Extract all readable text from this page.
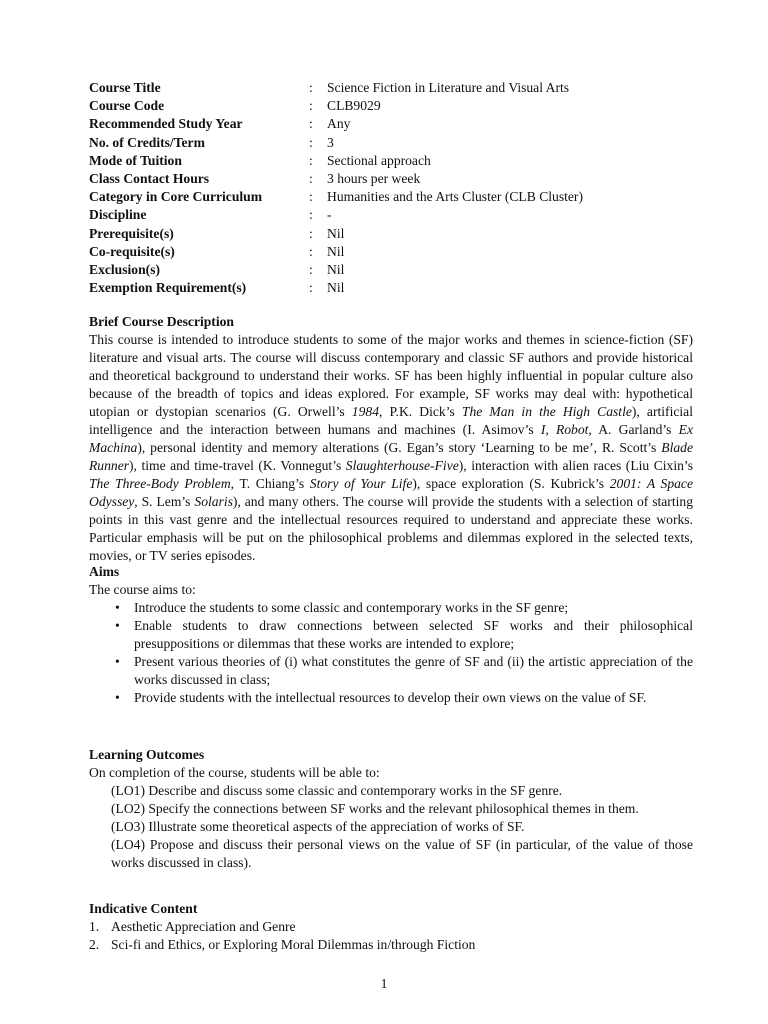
Course Title	:	Science Fiction in Literature and Visual Arts
Course Code	:	CLB9029
Recommended Study Year	:	Any
No. of Credits/Term	:	3
Mode of Tuition	:	Sectional approach
Class Contact Hours	:	3 hours per week
Category in Core Curriculum	:	Humanities and the Arts Cluster (CLB Cluster)
Discipline	:	-
Prerequisite(s)	:	Nil
Co-requisite(s)	:	Nil
Exclusion(s)	:	Nil
Exemption Requirement(s)	:	Nil
Brief Course Description

This course is intended to introduce students to some of the major works and themes in science-fiction (SF) literature and visual arts. The course will discuss contemporary and classic SF authors and provide historical and theoretical background to understand their works. SF has been highly influential in popular culture also because of the breadth of topics and ideas explored. For example, SF works may deal with: hypothetical utopian or dystopian scenarios (G. Orwell’s 1984, P.K. Dick’s The Man in the High Castle), artificial intelligence and the interaction between humans and machines (I. Asimov’s I, Robot, A. Garland’s Ex Machina), personal identity and memory alterations (G. Egan’s story ‘Learning to be me’, R. Scott’s Blade Runner), time and time-travel (K. Vonnegut’s Slaughterhouse-Five), interaction with alien races (Liu Cixin’s The Three-Body Problem, T. Chiang’s Story of Your Life), space exploration (S. Kubrick’s 2001: A Space Odyssey, S. Lem’s Solaris), and many others. The course will provide the students with a selection of starting points in this vast genre and the intellectual resources required to understand and appreciate these works. Particular emphasis will be put on the philosophical problems and dilemmas explored in the selected texts, movies, or TV series episodes.

Aims
The course aims to:
• Introduce the students to some classic and contemporary works in the SF genre;
• Enable students to draw connections between selected SF works and their philosophical presuppositions or dilemmas that these works are intended to explore;
• Present various theories of (i) what constitutes the genre of SF and (ii) the artistic appreciation of the works discussed in class;
• Provide students with the intellectual resources to develop their own views on the value of SF.
Learning Outcomes
On completion of the course, students will be able to:
(LO1) Describe and discuss some classic and contemporary works in the SF genre.
(LO2) Specify the connections between SF works and the relevant philosophical themes in them.
(LO3) Illustrate some theoretical aspects of the appreciation of works of SF.
(LO4) Propose and discuss their personal views on the value of SF (in particular, of the value of those works discussed in class).
Indicative Content
1. Aesthetic Appreciation and Genre
2. Sci-fi and Ethics, or Exploring Moral Dilemmas in/through Fiction
1
